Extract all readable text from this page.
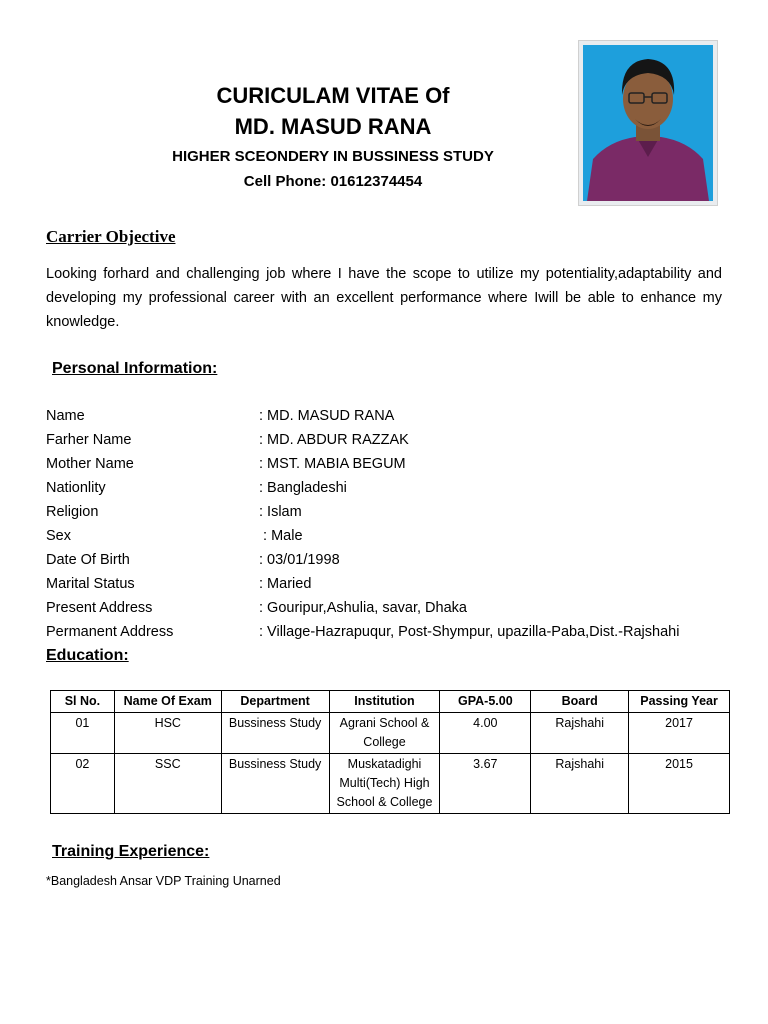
CURICULAM VITAE Of

MD. MASUD RANA

HIGHER SCEONDERY IN BUSSINESS STUDY

Cell Phone: 01612374454

Carrier Objective

Looking forhard and challenging job where I have the scope to utilize my potentiality,adaptability and developing my professional career with an excellent performance where Iwill be able to enhance my knowledge.

Personal Information:
Name	: MD. MASUD RANA
Farher Name	: MD. ABDUR RAZZAK
Mother Name	: MST. MABIA BEGUM
Nationlity	: Bangladeshi
Religion	: Islam
Sex	: Male
Date Of Birth	: 03/01/1998
Marital Status	: Maried
Present Address	: Gouripur,Ashulia, savar, Dhaka
Permanent Address	: Village-Hazrapuqur, Post-Shympur, upazilla-Paba,Dist.-Rajshahi
Education:
Sl No.	Name Of Exam	Department	Institution	GPA-5.00	Board	Passing Year
01	HSC	Bussiness Study	Agrani School & College	4.00	Rajshahi	2017
02	SSC	Bussiness Study	Muskatadighi Multi(Tech) High School & College	3.67	Rajshahi	2015
Training Experience:
*Bangladesh Ansar VDP Training Unarned
